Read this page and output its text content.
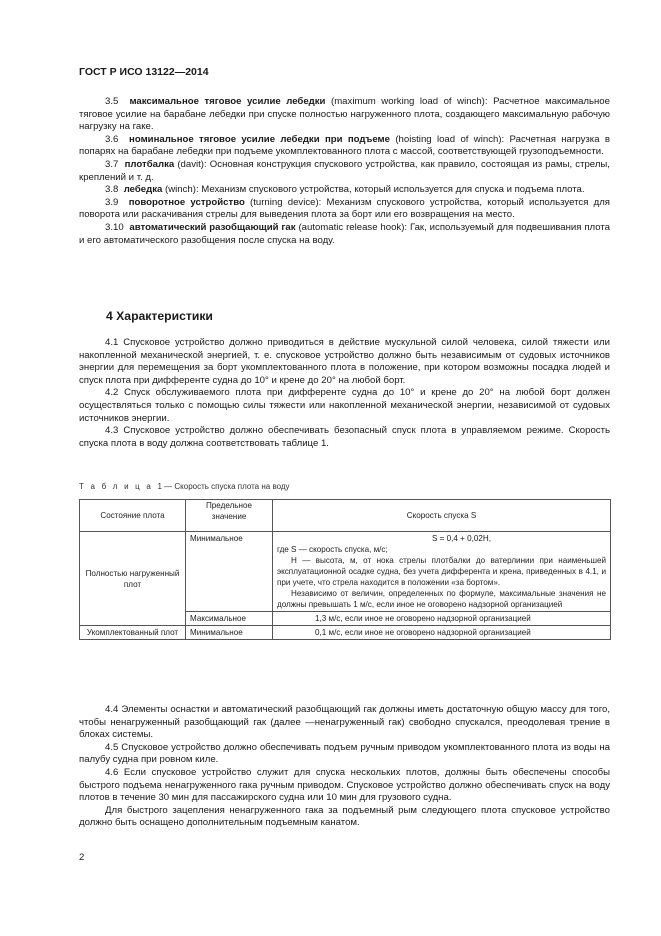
ГОСТ Р ИСО 13122—2014

3.5 максимальное тяговое усилие лебедки (maximum working load of winch): Расчетное максимальное тяговое усилие на барабане лебедки при спуске полностью нагруженного плота, создающего максимальную рабочую нагрузку на гаке.

3.6 номинальное тяговое усилие лебедки при подъеме (hoisting load of winch): Расчетная нагрузка в попарях на барабане лебедки при подъеме укомплектованного плота с массой, соответствующей грузоподъемности.

3.7 плотбалка (davit): Основная конструкция спускового устройства, как правило, состоящая из рамы, стрелы, креплений и т. д.

3.8 лебедка (winch): Механизм спускового устройства, который используется для спуска и подъема плота.

3.9 поворотное устройство (turning device): Механизм спускового устройства, который используется для поворота или раскачивания стрелы для выведения плота за борт или его возвращения на место.

3.10 автоматический разобщающий гак (automatic release hook): Гак, используемый для подвешивания плота и его автоматического разобщения после спуска на воду.

4 Характеристики

4.1 Спусковое устройство должно приводиться в действие мускульной силой человека, силой тяжести или накопленной механической энергией, т. е. спусковое устройство должно быть независимым от судовых источников энергии для перемещения за борт укомплектованного плота в положение, при котором возможны посадка людей и спуск плота при дифференте судна до 10° и крене до 20° на любой борт.

4.2 Спуск обслуживаемого плота при дифференте судна до 10° и крене до 20° на любой борт должен осуществляться только с помощью силы тяжести или накопленной механической энергии, независимой от судовых источников энергии.

4.3 Спусковое устройство должно обеспечивать безопасный спуск плота в управляемом режиме. Скорость спуска плота в воду должна соответствовать таблице 1.

Т а б л и ц а 1 — Скорость спуска плота на воду
Состояние плота	Предельное значение	Скорость спуска S
Полностью нагруженный плот	Минимальное	S = 0,4 + 0,02H,
где S — скорость спуска, м/с;
H — высота, м, от нока стрелы плотбалки до ватерлинии при наименьшей эксплуатационной осадке судна, без учета дифферента и крена, приведенных в 4.1, и при учете, что стрела находится в положении «за бортом».
Независимо от величин, определенных по формуле, максимальные значения не должны превышать 1 м/с, если иное не оговорено надзорной организацией

	Максимальное	1,3 м/с, если иное не оговорено надзорной организацией
Укомплектованный плот	Минимальное	0,1 м/с, если иное не оговорено надзорной организацией

4.4 Элементы оснастки и автоматический разобщающий гак должны иметь достаточную общую массу для того, чтобы ненагруженный разобщающий гак (далее —ненагруженный гак) свободно спускался, преодолевая трение в блоках системы.

4.5 Спусковое устройство должно обеспечивать подъем ручным приводом укомплектованного плота из воды на палубу судна при ровном киле.

4.6 Если спусковое устройство служит для спуска нескольких плотов, должны быть обеспечены способы быстрого подъема ненагруженного гака ручным приводом. Спусковое устройство должно обеспечивать спуск на воду плотов в течение 30 мин для пассажирского судна или 10 мин для грузового судна.

Для быстрого зацепления ненагруженного гака за подъемный рым следующего плота спусковое устройство должно быть оснащено дополнительным подъемным канатом.

2
